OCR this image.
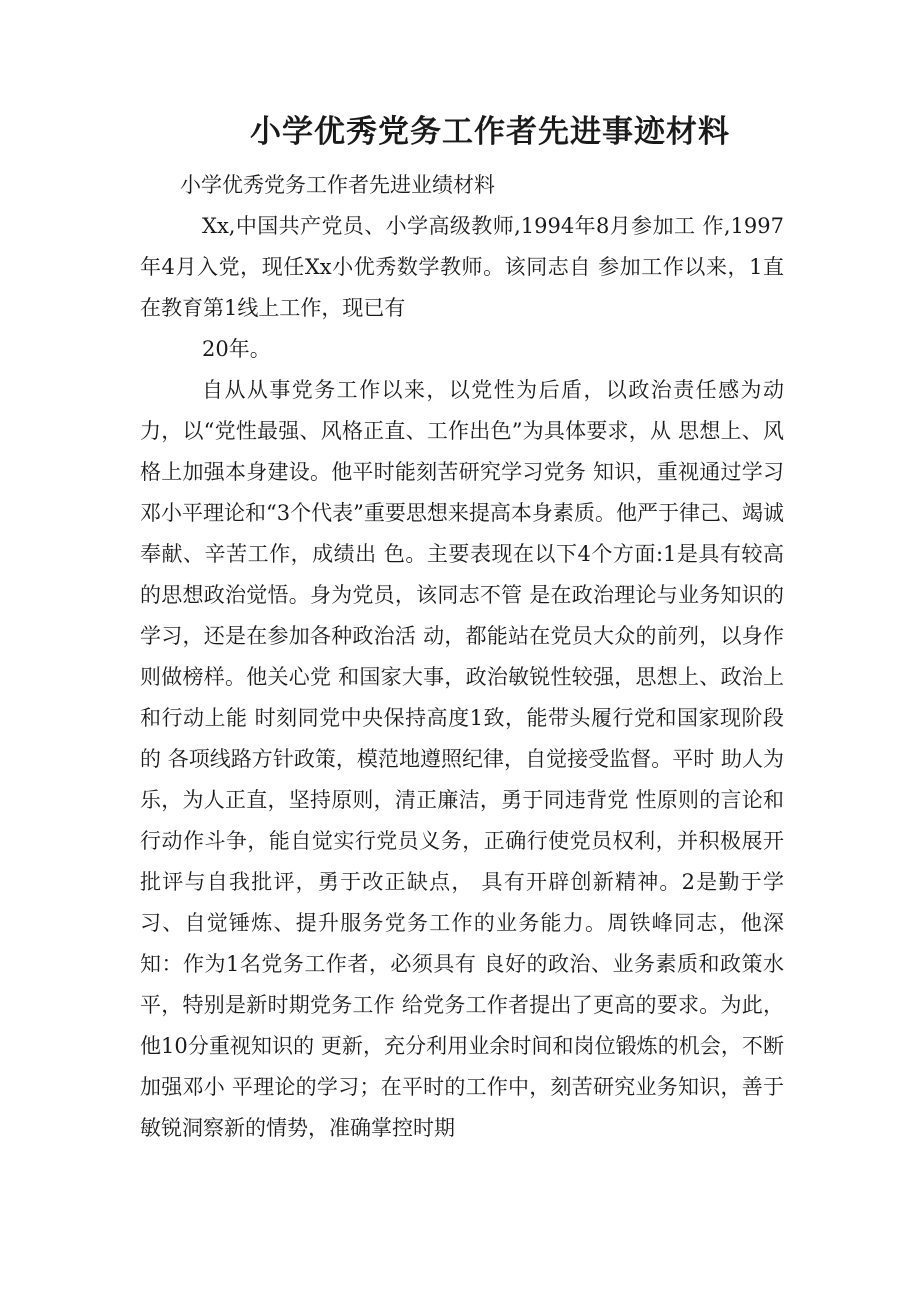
小学优秀党务工作者先进事迹材料

小学优秀党务工作者先进业绩材料

Xx,中国共产党员、小学高级教师,1994年8月参加工 作,1997年4月入党，现任Xx小优秀数学教师。该同志自 参加工作以来，1直在教育第1线上工作，现已有

20年。

自从从事党务工作以来，以党性为后盾，以政治责任感为动力，以“党性最强、风格正直、工作出色”为具体要求，从 思想上、风格上加强本身建设。他平时能刻苦研究学习党务 知识，重视通过学习邓小平理论和“3个代表”重要思想来提高本身素质。他严于律己、竭诚奉献、辛苦工作，成绩出 色。主要表现在以下4个方面:1是具有较高的思想政治觉悟。身为党员，该同志不管 是在政治理论与业务知识的学习，还是在参加各种政治活 动，都能站在党员大众的前列，以身作则做榜样。他关心党 和国家大事，政治敏锐性较强，思想上、政治上和行动上能 时刻同党中央保持高度1致，能带头履行党和国家现阶段的 各项线路方针政策，模范地遵照纪律，自觉接受监督。平时 助人为乐，为人正直，坚持原则，清正廉洁，勇于同违背党 性原则的言论和行动作斗争，能自觉实行党员义务，正确行使党员权利，并积极展开批评与自我批评，勇于改正缺点， 具有开辟创新精神。2是勤于学习、自觉锤炼、提升服务党务工作的业务能力。周铁峰同志，他深知：作为1名党务工作者，必须具有 良好的政治、业务素质和政策水平，特别是新时期党务工作 给党务工作者提出了更高的要求。为此，他10分重视知识的 更新，充分利用业余时间和岗位锻炼的机会，不断加强邓小 平理论的学习；在平时的工作中，刻苦研究业务知识，善于 敏锐洞察新的情势，准确掌控时期
